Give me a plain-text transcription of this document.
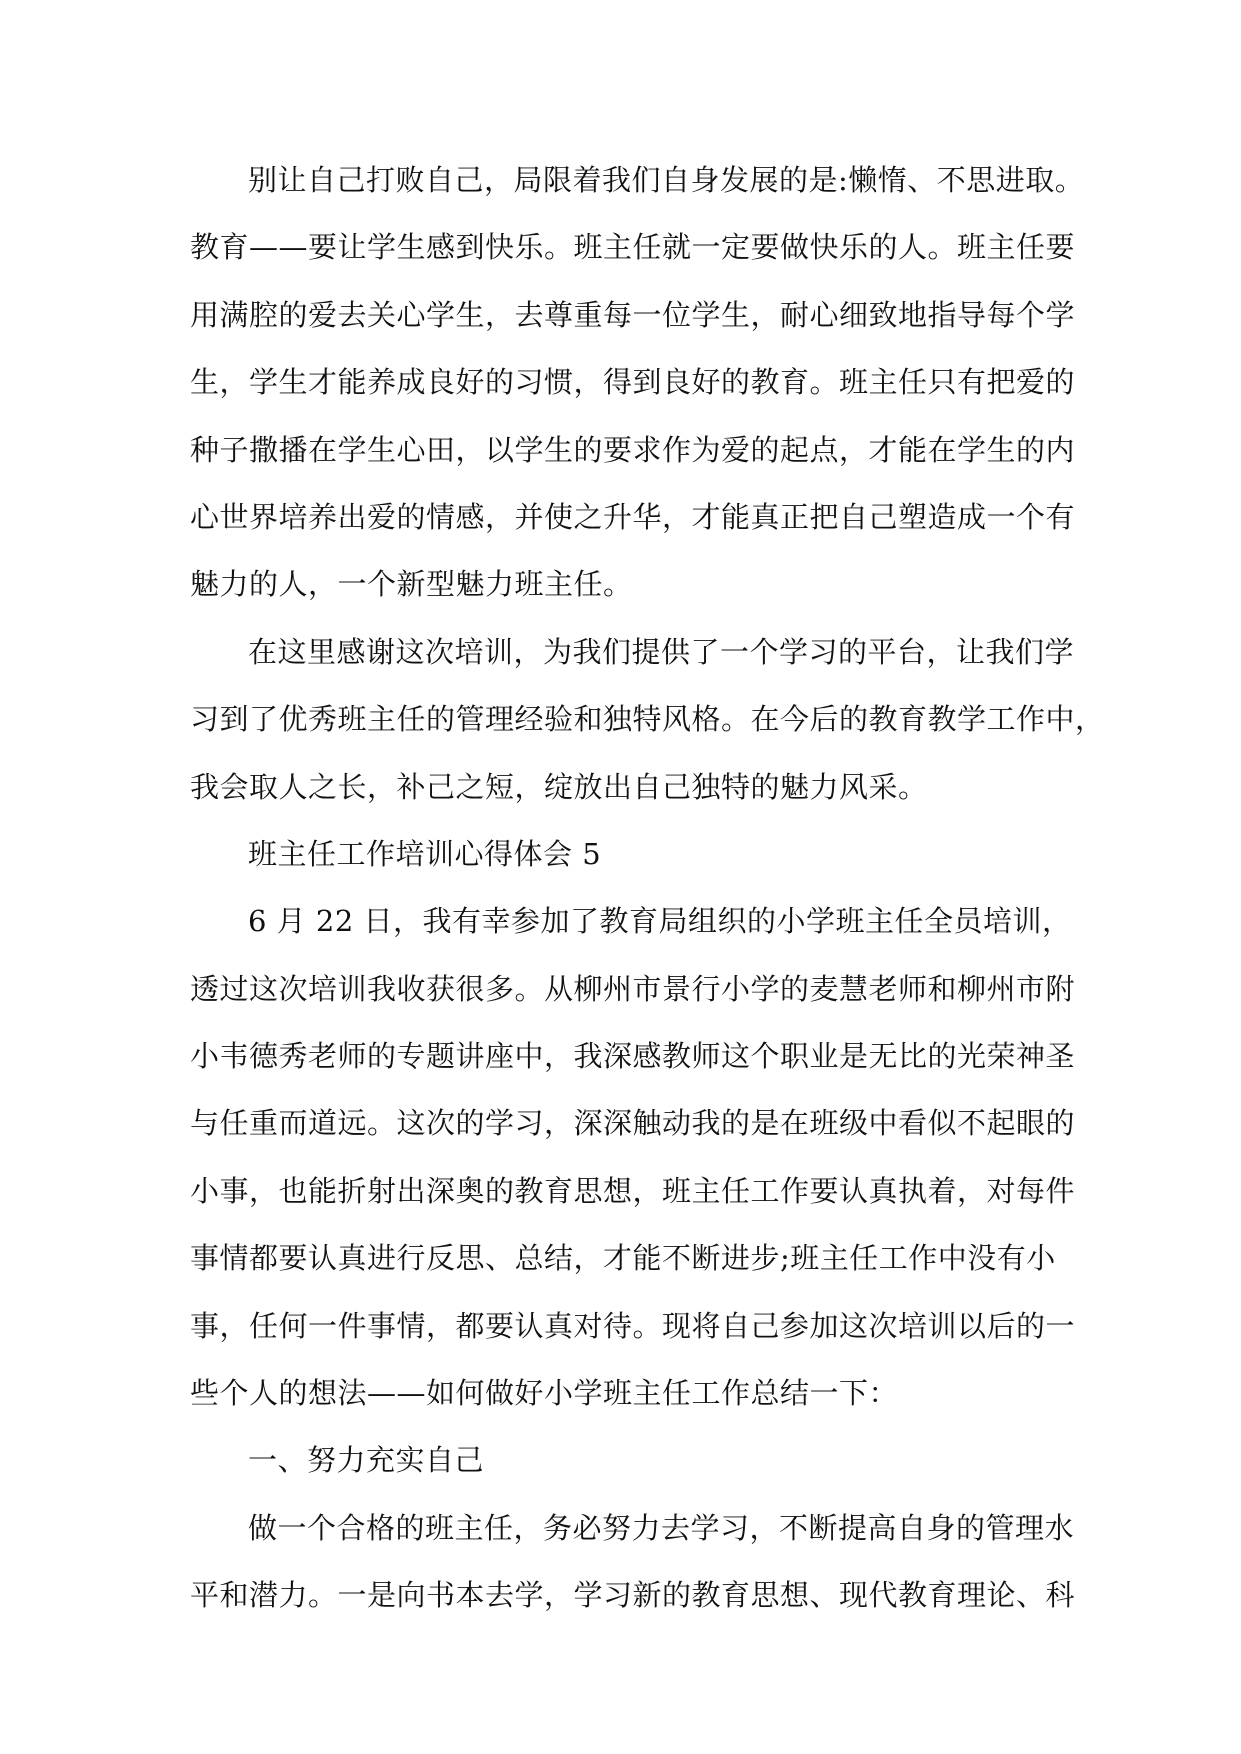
别让自己打败自己，局限着我们自身发展的是:懒惰、不思进取。
教育——要让学生感到快乐。班主任就一定要做快乐的人。班主任要
用满腔的爱去关心学生，去尊重每一位学生，耐心细致地指导每个学
生，学生才能养成良好的习惯，得到良好的教育。班主任只有把爱的
种子撒播在学生心田，以学生的要求作为爱的起点，才能在学生的内
心世界培养出爱的情感，并使之升华，才能真正把自己塑造成一个有
魅力的人，一个新型魅力班主任。
在这里感谢这次培训，为我们提供了一个学习的平台，让我们学
习到了优秀班主任的管理经验和独特风格。在今后的教育教学工作中，
我会取人之长，补己之短，绽放出自己独特的魅力风采。
班主任工作培训心得体会 5
6 月 22 日，我有幸参加了教育局组织的小学班主任全员培训，
透过这次培训我收获很多。从柳州市景行小学的麦慧老师和柳州市附
小韦德秀老师的专题讲座中，我深感教师这个职业是无比的光荣神圣
与任重而道远。这次的学习，深深触动我的是在班级中看似不起眼的
小事，也能折射出深奥的教育思想，班主任工作要认真执着，对每件
事情都要认真进行反思、总结，才能不断进步;班主任工作中没有小
事，任何一件事情，都要认真对待。现将自己参加这次培训以后的一
些个人的想法——如何做好小学班主任工作总结一下：
一、努力充实自己
做一个合格的班主任，务必努力去学习，不断提高自身的管理水
平和潜力。一是向书本去学，学习新的教育思想、现代教育理论、科
